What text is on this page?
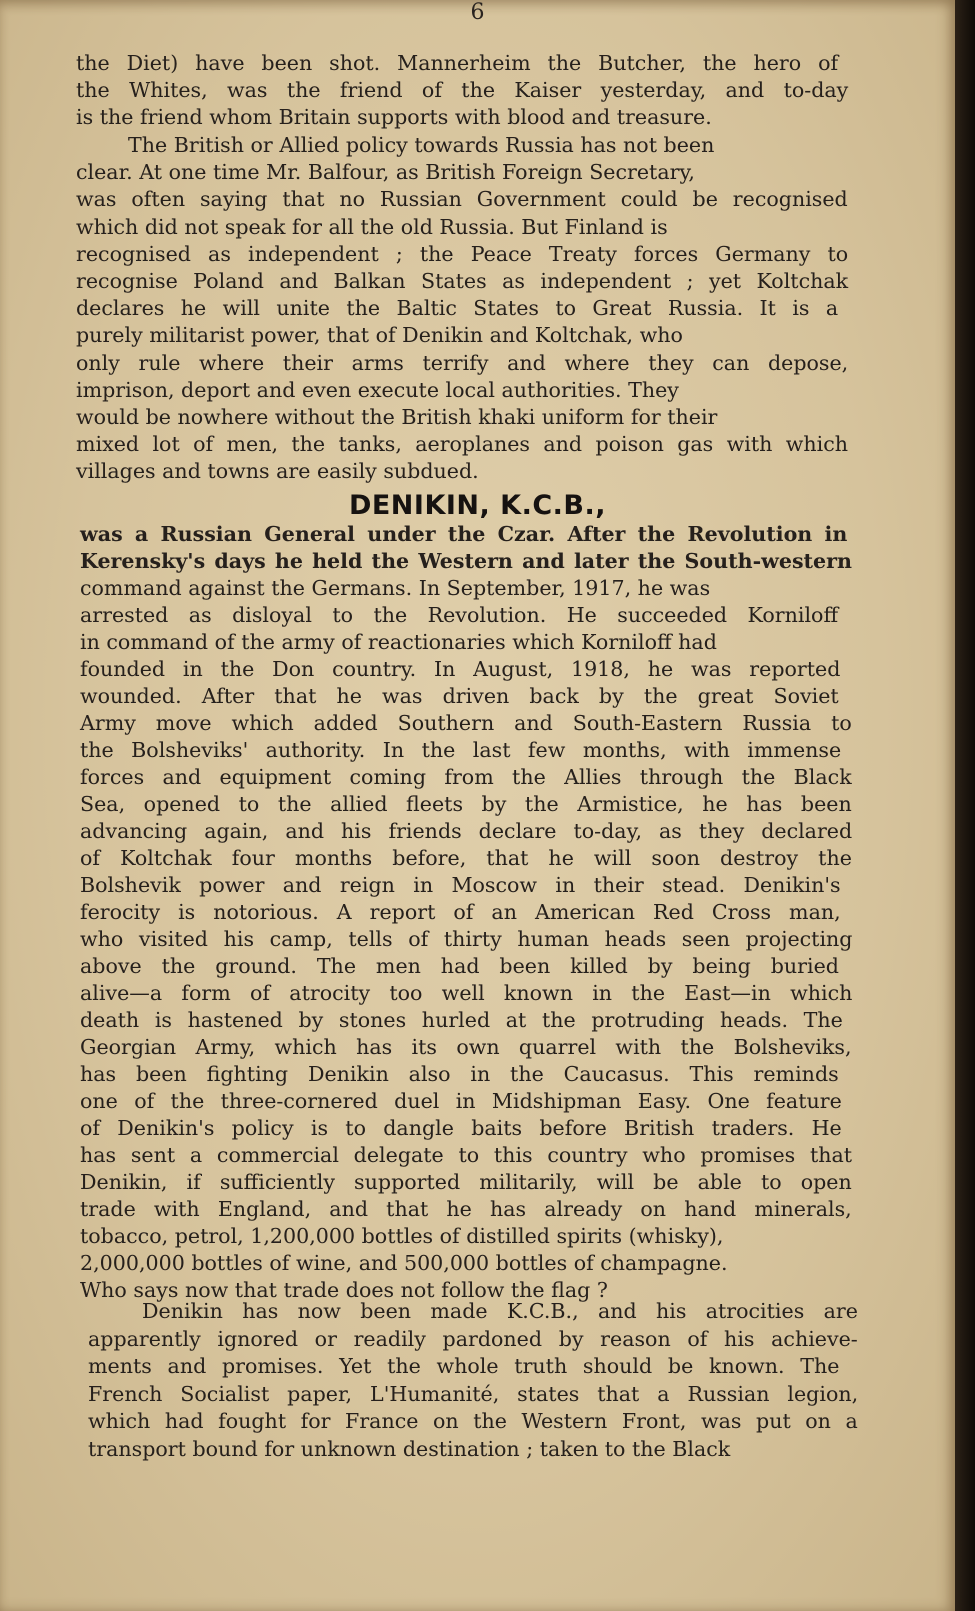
6
the Diet) have been shot. Mannerheim the Butcher, the hero of
the Whites, was the friend of the Kaiser yesterday, and to-day
is the friend whom Britain supports with blood and treasure.
The British or Allied policy towards Russia has not been
clear. At one time Mr. Balfour, as British Foreign Secretary,
was often saying that no Russian Government could be recognised
which did not speak for all the old Russia. But Finland is
recognised as independent ; the Peace Treaty forces Germany to
recognise Poland and Balkan States as independent ; yet Koltchak
declares he will unite the Baltic States to Great Russia. It is a
purely militarist power, that of Denikin and Koltchak, who
only rule where their arms terrify and where they can depose,
imprison, deport and even execute local authorities. They
would be nowhere without the British khaki uniform for their
mixed lot of men, the tanks, aeroplanes and poison gas with which
villages and towns are easily subdued.
was a Russian General under the Czar. After the Revolution in
Kerensky's days he held the Western and later the South-western
command against the Germans. In September, 1917, he was
arrested as disloyal to the Revolution. He succeeded Korniloff
in command of the army of reactionaries which Korniloff had
founded in the Don country. In August, 1918, he was reported
wounded. After that he was driven back by the great Soviet
Army move which added Southern and South-Eastern Russia to
the Bolsheviks' authority. In the last few months, with immense
forces and equipment coming from the Allies through the Black
Sea, opened to the allied fleets by the Armistice, he has been
advancing again, and his friends declare to-day, as they declared
of Koltchak four months before, that he will soon destroy the
Bolshevik power and reign in Moscow in their stead. Denikin's
ferocity is notorious. A report of an American Red Cross man,
who visited his camp, tells of thirty human heads seen projecting
above the ground. The men had been killed by being buried
alive—a form of atrocity too well known in the East—in which
death is hastened by stones hurled at the protruding heads. The
Georgian Army, which has its own quarrel with the Bolsheviks,
has been fighting Denikin also in the Caucasus. This reminds
one of the three-cornered duel in Midshipman Easy. One feature
of Denikin's policy is to dangle baits before British traders. He
has sent a commercial delegate to this country who promises that
Denikin, if sufficiently supported militarily, will be able to open
trade with England, and that he has already on hand minerals,
tobacco, petrol, 1,200,000 bottles of distilled spirits (whisky),
2,000,000 bottles of wine, and 500,000 bottles of champagne.
Who says now that trade does not follow the flag ?
Denikin has now been made K.C.B., and his atrocities are
apparently ignored or readily pardoned by reason of his achieve-
ments and promises. Yet the whole truth should be known. The
French Socialist paper, L'Humanité, states that a Russian legion,
which had fought for France on the Western Front, was put on a
transport bound for unknown destination ; taken to the Black
DENIKIN, K.C.B.,
